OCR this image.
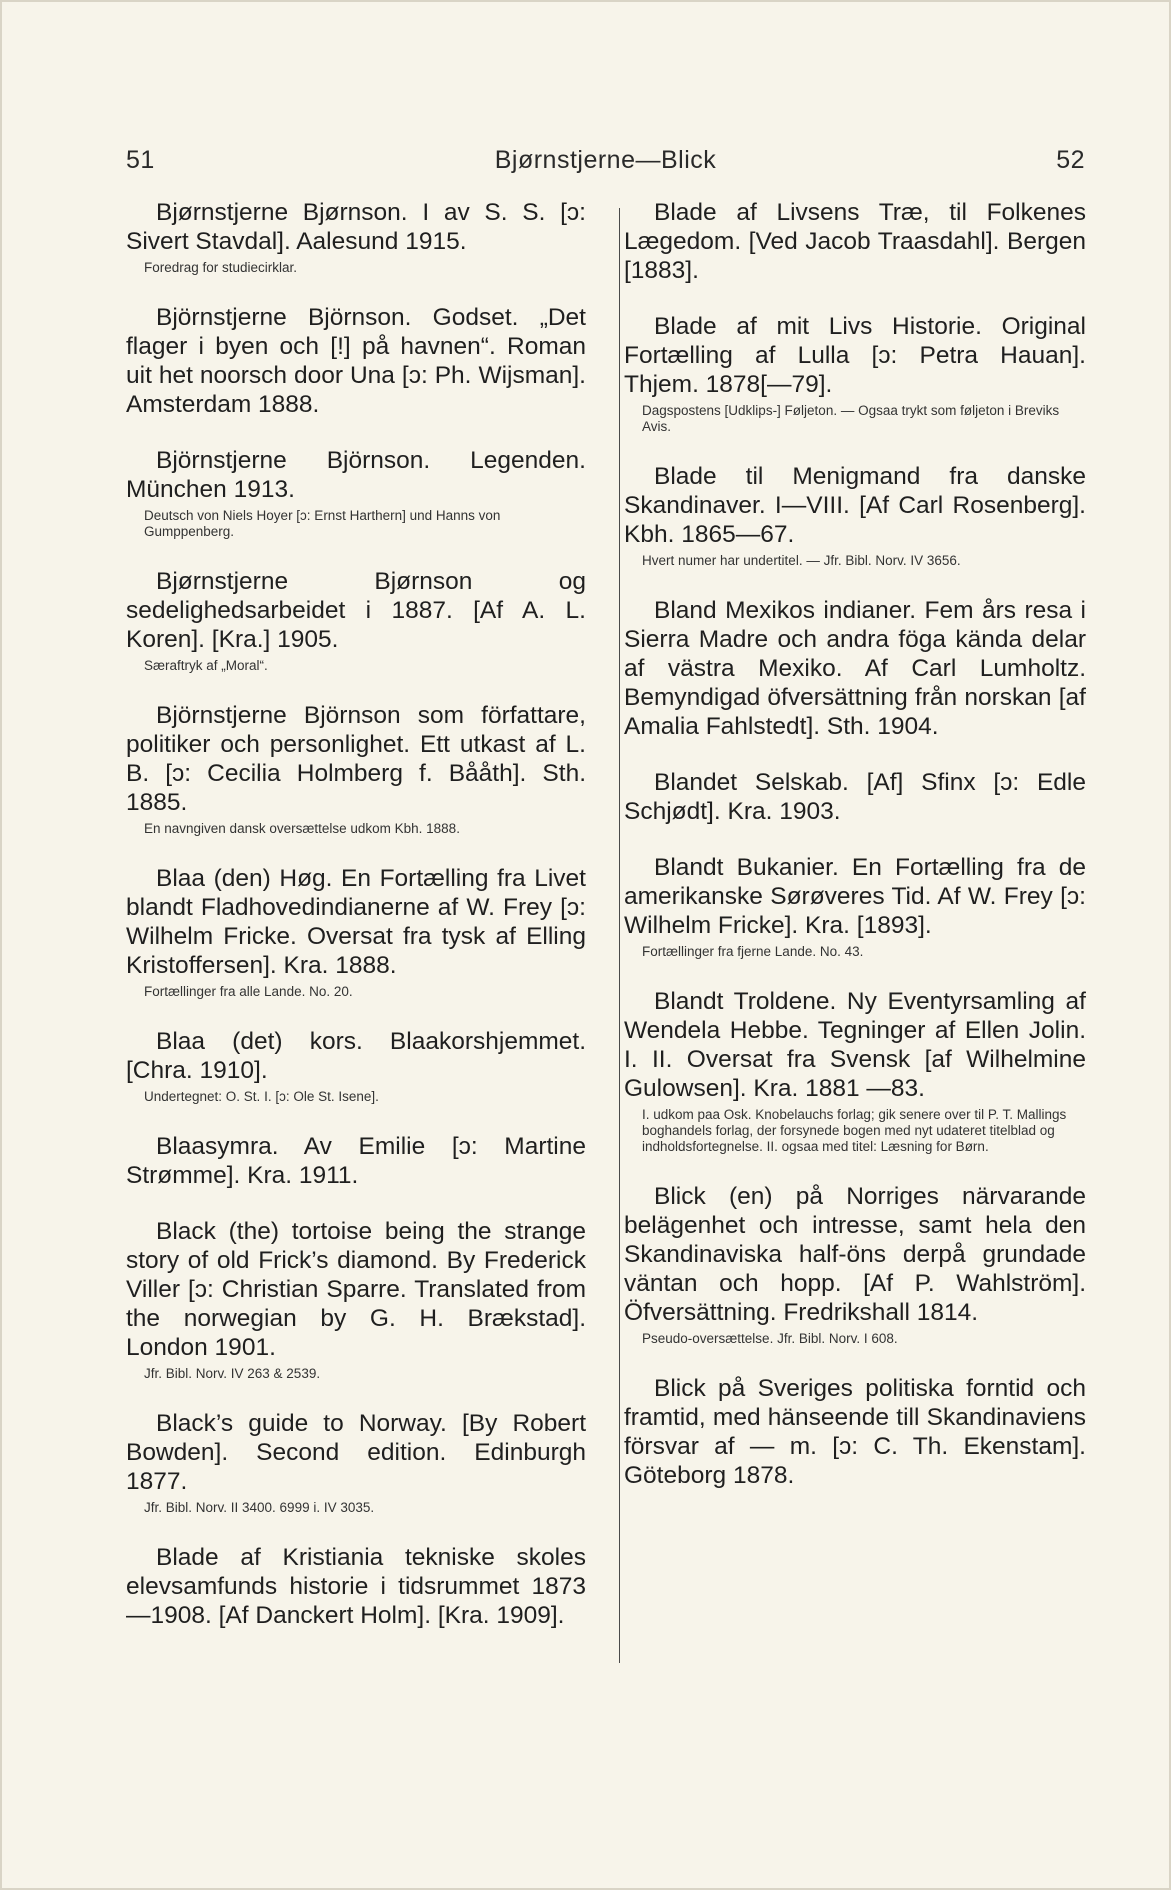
51	Bjørnstjerne—Blick	52
Bjørnstjerne Bjørnson. I av S. S. [ɔ: Sivert Stavdal]. Aalesund 1915.
Foredrag for studiecirklar.
Björnstjerne Björnson. Godset. „Det flager i byen och [!] på havnen“. Roman uit het noorsch door Una [ɔ: Ph. Wijsman]. Amsterdam 1888.
Björnstjerne Björnson. Legenden. München 1913.
Deutsch von Niels Hoyer [ɔ: Ernst Harthern] und Hanns von Gumppenberg.
Bjørnstjerne Bjørnson og sedelighedsarbeidet i 1887. [Af A. L. Koren]. [Kra.] 1905.
Særaftryk af „Moral“.
Björnstjerne Björnson som författare, politiker och personlighet. Ett utkast af L. B. [ɔ: Cecilia Holmberg f. Bååth]. Sth. 1885.
En navngiven dansk oversættelse udkom Kbh. 1888.
Blaa (den) Høg. En Fortælling fra Livet blandt Fladhovedindianerne af W. Frey [ɔ: Wilhelm Fricke. Oversat fra tysk af Elling Kristoffersen]. Kra. 1888.
Fortællinger fra alle Lande. No. 20.
Blaa (det) kors. Blaakorshjemmet. [Chra. 1910].
Undertegnet: O. St. I. [ɔ: Ole St. Isene].
Blaasymra. Av Emilie [ɔ: Martine Strømme]. Kra. 1911.
Black (the) tortoise being the strange story of old Frick’s diamond. By Frederick Viller [ɔ: Christian Sparre. Translated from the norwegian by G. H. Brækstad]. London 1901.
Jfr. Bibl. Norv. IV 263 & 2539.
Black’s guide to Norway. [By Robert Bowden]. Second edition. Edinburgh 1877.
Jfr. Bibl. Norv. II 3400. 6999 i. IV 3035.
Blade af Kristiania tekniske skoles elevsamfunds historie i tidsrummet 1873—1908. [Af Danckert Holm]. [Kra. 1909].
Blade af Livsens Træ, til Folkenes Lægedom. [Ved Jacob Traasdahl]. Bergen [1883].
Blade af mit Livs Historie. Original Fortælling af Lulla [ɔ: Petra Hauan]. Thjem. 1878[—79].
Dagspostens [Udklips-] Føljeton. — Ogsaa trykt som føljeton i Breviks Avis.
Blade til Menigmand fra danske Skandinaver. I—VIII. [Af Carl Rosenberg]. Kbh. 1865—67.
Hvert numer har undertitel. — Jfr. Bibl. Norv. IV 3656.
Bland Mexikos indianer. Fem års resa i Sierra Madre och andra föga kända delar af västra Mexiko. Af Carl Lumholtz. Bemyndigad öfversättning från norskan [af Amalia Fahlstedt]. Sth. 1904.
Blandet Selskab. [Af] Sfinx [ɔ: Edle Schjødt]. Kra. 1903.
Blandt Bukanier. En Fortælling fra de amerikanske Sørøveres Tid. Af W. Frey [ɔ: Wilhelm Fricke]. Kra. [1893].
Fortællinger fra fjerne Lande. No. 43.
Blandt Troldene. Ny Eventyrsamling af Wendela Hebbe. Tegninger af Ellen Jolin. I. II. Oversat fra Svensk [af Wilhelmine Gulowsen]. Kra. 1881 —83.
I. udkom paa Osk. Knobelauchs forlag; gik senere over til P. T. Mallings boghandels forlag, der forsynede bogen med nyt udateret titelblad og indholdsfortegnelse. II. ogsaa med titel: Læsning for Børn.
Blick (en) på Norriges närvarande belägenhet och intresse, samt hela den Skandinaviska half-öns derpå grundade väntan och hopp. [Af P. Wahlström]. Öfversättning. Fredrikshall 1814.
Pseudo-oversættelse. Jfr. Bibl. Norv. I 608.
Blick på Sveriges politiska forntid och framtid, med hänseende till Skandinaviens försvar af — m. [ɔ: C. Th. Ekenstam]. Göteborg 1878.
